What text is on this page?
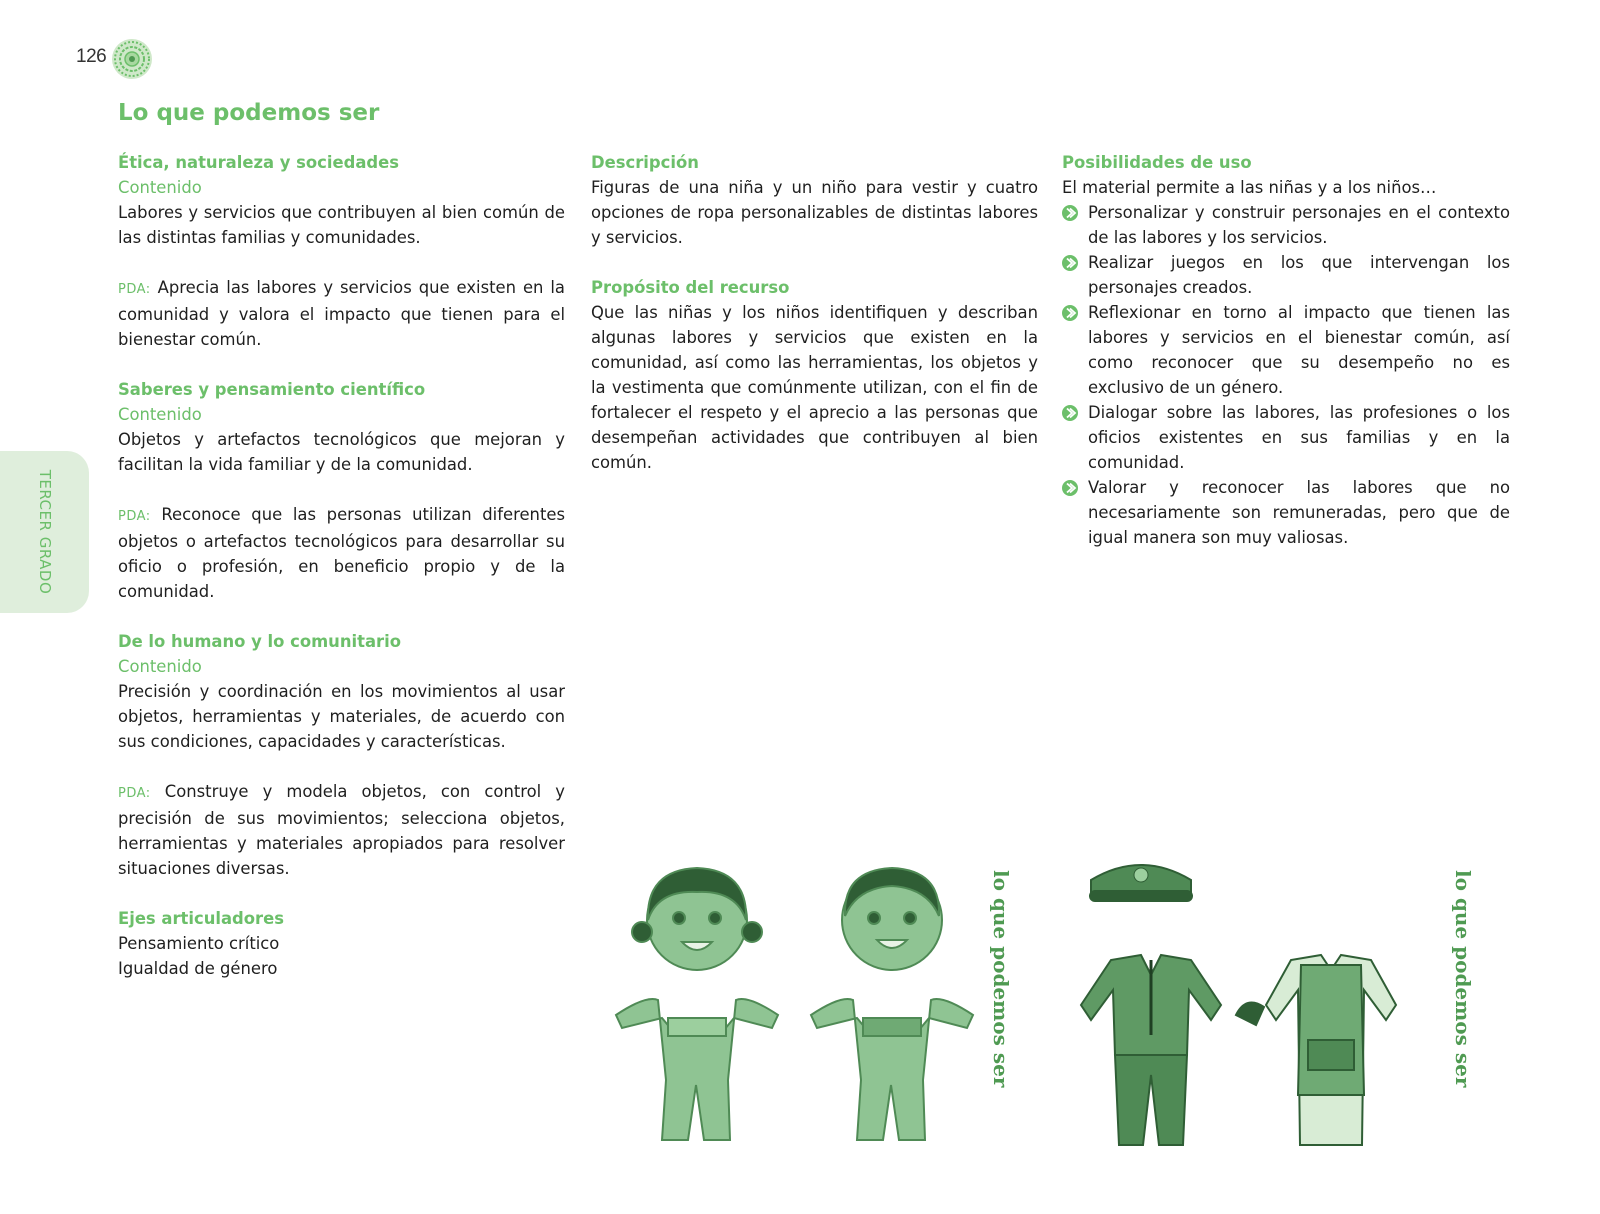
126
Lo que podemos ser
TERCER GRADO
Ética, naturaleza y sociedades
Contenido
Labores y servicios que contribuyen al bien común de las distintas familias y comunidades.
PDA: Aprecia las labores y servicios que existen en la comunidad y valora el impacto que tienen para el bienestar común.
Saberes y pensamiento científico
Contenido
Objetos y artefactos tecnológicos que mejoran y facilitan la vida familiar y de la comunidad.
PDA: Reconoce que las personas utilizan diferentes objetos o artefactos tecnológicos para desarrollar su oficio o profesión, en beneficio propio y de la comunidad.
De lo humano y lo comunitario
Contenido
Precisión y coordinación en los movimientos al usar objetos, herramientas y materiales, de acuerdo con sus condiciones, capacidades y características.
PDA: Construye y modela objetos, con control y precisión de sus movimientos; selecciona objetos, herramientas y materiales apropiados para resolver situaciones diversas.
Ejes articuladores
Pensamiento crítico
Igualdad de género
Descripción
Figuras de una niña y un niño para vestir y cuatro opciones de ropa personalizables de distintas labores y servicios.
Propósito del recurso
Que las niñas y los niños identifiquen y describan algunas labores y servicios que existen en la comunidad, así como las herramientas, los objetos y la vestimenta que comúnmente utilizan, con el fin de fortalecer el respeto y el aprecio a las personas que desempeñan actividades que contribuyen al bien común.
Posibilidades de uso
El material permite a las niñas y a los niños…
Personalizar y construir personajes en el contexto de las labores y los servicios.
Realizar juegos en los que intervengan los personajes creados.
Reflexionar en torno al impacto que tienen las labores y servicios en el bienestar común, así como reconocer que su desempeño no es exclusivo de un género.
Dialogar sobre las labores, las profesiones o los oficios existentes en sus familias y en la comunidad.
Valorar y reconocer las labores que no necesariamente son remuneradas, pero que de igual manera son muy valiosas.
lo que podemos ser	lo que podemos ser
